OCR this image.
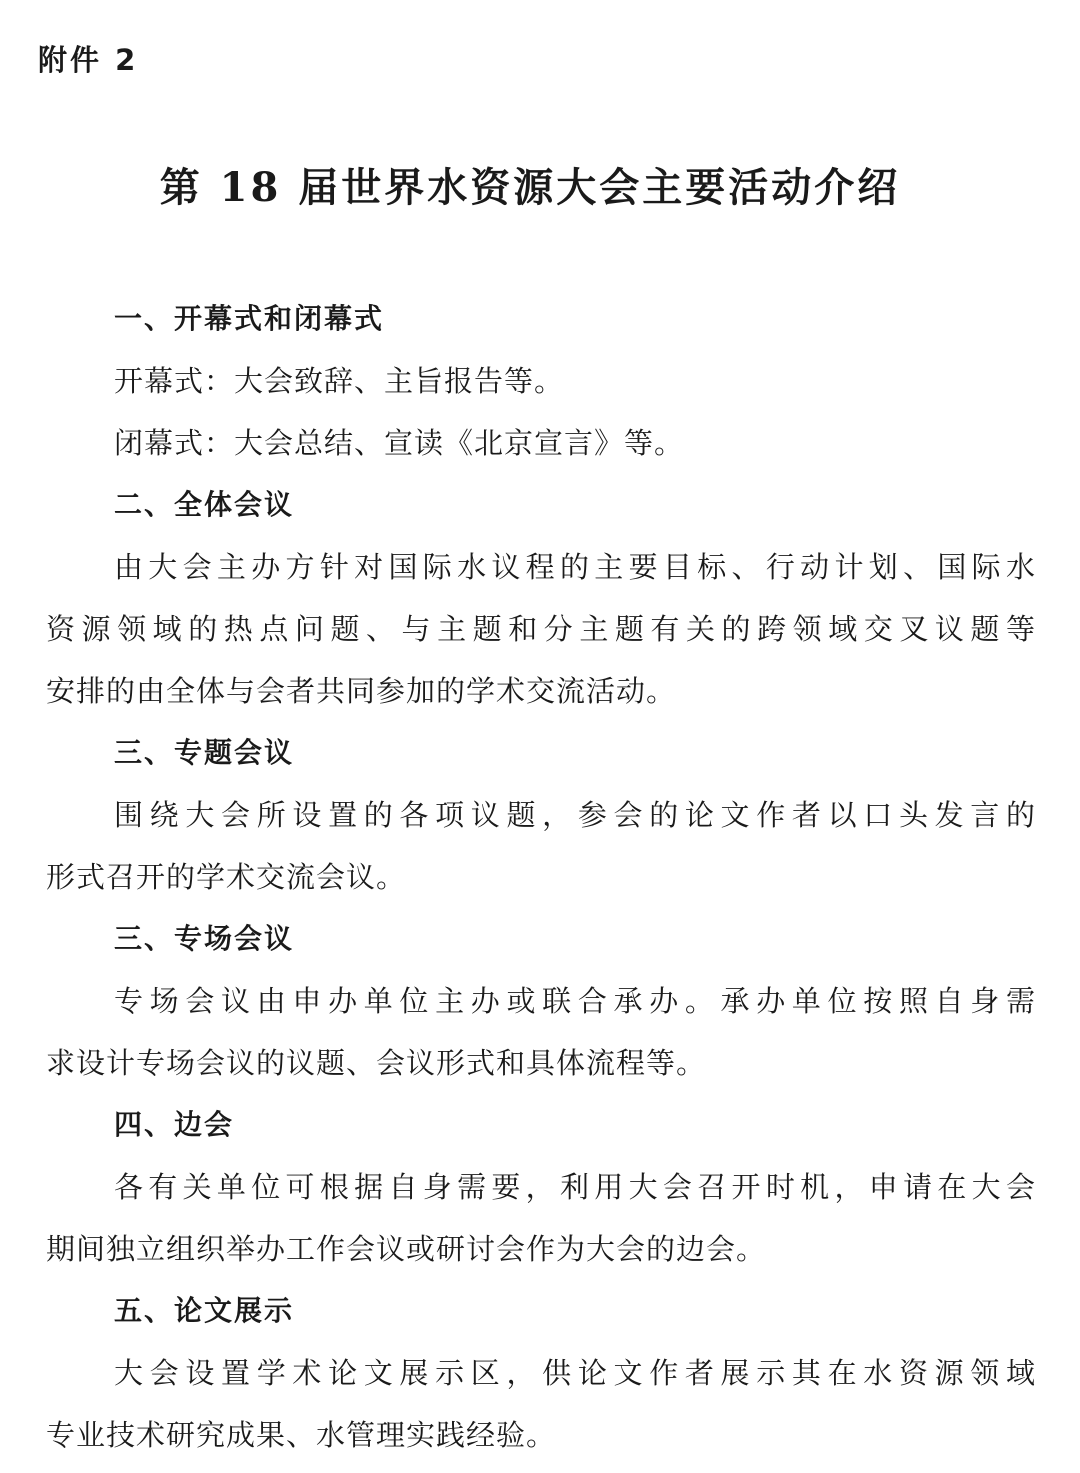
附件 2
第 18 届世界水资源大会主要活动介绍
一、开幕式和闭幕式
开幕式：大会致辞、主旨报告等。
闭幕式：大会总结、宣读《北京宣言》等。
二、全体会议
由大会主办方针对国际水议程的主要目标、行动计划、国际水
资源领域的热点问题、与主题和分主题有关的跨领域交叉议题等
安排的由全体与会者共同参加的学术交流活动。
三、专题会议
围绕大会所设置的各项议题，参会的论文作者以口头发言的
形式召开的学术交流会议。
三、专场会议
专场会议由申办单位主办或联合承办。承办单位按照自身需
求设计专场会议的议题、会议形式和具体流程等。
四、边会
各有关单位可根据自身需要，利用大会召开时机，申请在大会
期间独立组织举办工作会议或研讨会作为大会的边会。
五、论文展示
大会设置学术论文展示区，供论文作者展示其在水资源领域
专业技术研究成果、水管理实践经验。
